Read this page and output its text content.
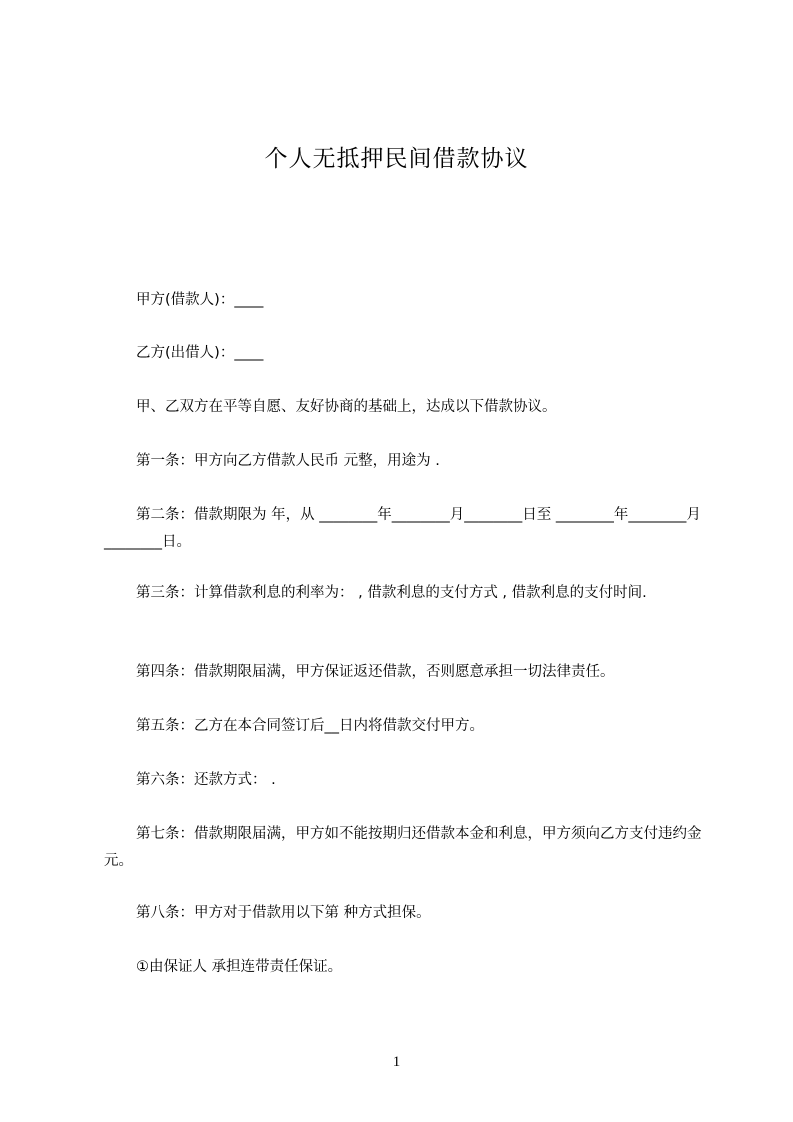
个人无抵押民间借款协议
甲方(借款人)：____
乙方(出借人)：____
甲、乙双方在平等自愿、友好协商的基础上，达成以下借款协议。
第一条：甲方向乙方借款人民币 元整，用途为 .
第二条：借款期限为 年，从 ________年________月________日至 ________年________月________日。
第三条：计算借款利息的利率为： , 借款利息的支付方式 , 借款利息的支付时间.
第四条：借款期限届满，甲方保证返还借款，否则愿意承担一切法律责任。
第五条：乙方在本合同签订后__日内将借款交付甲方。
第六条：还款方式： .
第七条：借款期限届满，甲方如不能按期归还借款本金和利息，甲方须向乙方支付违约金 元。
第八条：甲方对于借款用以下第 种方式担保。
①由保证人 承担连带责任保证。
1
